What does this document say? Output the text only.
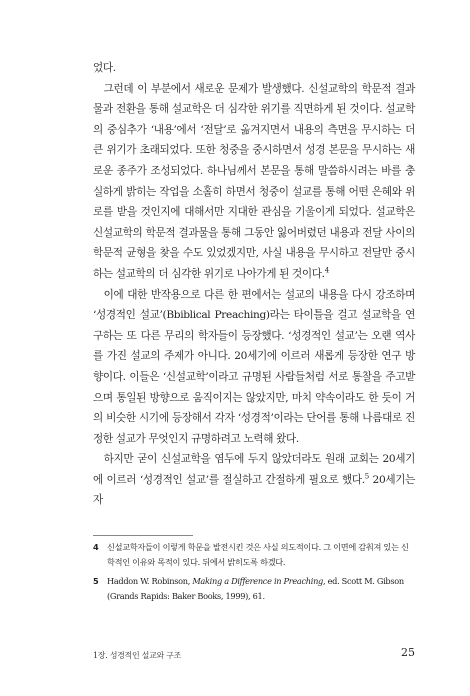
었다.

그런데 이 부분에서 새로운 문제가 발생했다. 신설교학의 학문적 결과물과 전환을 통해 설교학은 더 심각한 위기를 직면하게 된 것이다. 설교학의 중심추가 ‘내용’에서 ‘전달’로 옮겨지면서 내용의 측면을 무시하는 더 큰 위기가 초래되었다. 또한 청중을 중시하면서 성경 본문을 무시하는 새로운 종주가 조성되었다. 하나님께서 본문을 통해 말씀하시려는 바를 충실하게 밝히는 작업을 소홀히 하면서 청중이 설교를 통해 어떤 은혜와 위로를 받을 것인지에 대해서만 지대한 관심을 기울이게 되었다. 설교학은 신설교학의 학문적 결과물을 통해 그동안 잃어버렸던 내용과 전달 사이의 학문적 균형을 찾을 수도 있었겠지만, 사실 내용을 무시하고 전달만 중시하는 설교학의 더 심각한 위기로 나아가게 된 것이다.$^4$

이에 대한 반작용으로 다른 한 편에서는 설교의 내용을 다시 강조하며 ‘성경적인 설교’(Bbiblical Preaching)라는 타이틀을 걸고 설교학을 연구하는 또 다른 무리의 학자들이 등장했다. ‘성경적인 설교’는 오랜 역사를 가진 설교의 주제가 아니다. 20세기에 이르러 새롭게 등장한 연구 방향이다. 이들은 ‘신설교학’이라고 규명된 사람들처럼 서로 통찰을 주고받으며 통일된 방향으로 움직이지는 않았지만, 마치 약속이라도 한 듯이 거의 비슷한 시기에 등장해서 각자 ‘성경적’이라는 단어를 통해 나름대로 진정한 설교가 무엇인지 규명하려고 노력해 왔다.

하지만 굳이 신설교학을 염두에 두지 않았더라도 원래 교회는 20세기에 이르러 ‘성경적인 설교’를 절실하고 간절하게 필요로 했다.$^5$ 20세기는 자

4	신설교학자들이 이렇게 학문을 발전시킨 것은 사실 의도적이다. 그 이면에 감춰져 있는 신학적인 이유와 목적이 있다. 뒤에서 밝히도록 하겠다.
5	Haddon W. Robinson, Making a Difference in Preaching, ed. Scott M. Gibson (Grands Rapids: Baker Books, 1999), 61.
1장. 성경적인 설교와 구조	25
